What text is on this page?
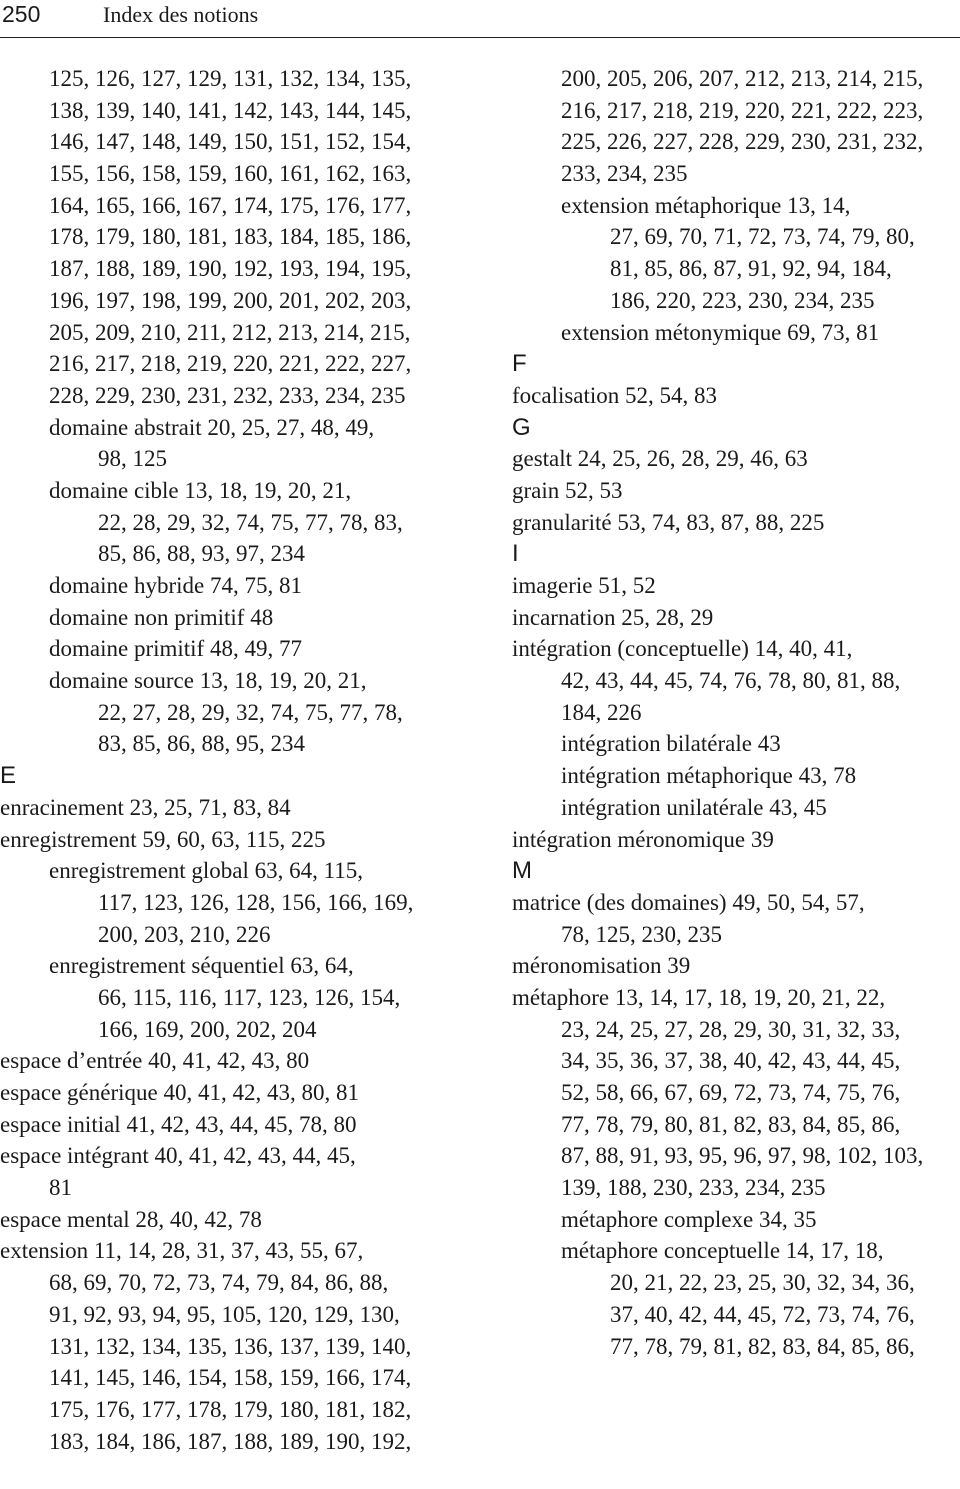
250	Index des notions
125, 126, 127, 129, 131, 132, 134, 135,
138, 139, 140, 141, 142, 143, 144, 145,
146, 147, 148, 149, 150, 151, 152, 154,
155, 156, 158, 159, 160, 161, 162, 163,
164, 165, 166, 167, 174, 175, 176, 177,
178, 179, 180, 181, 183, 184, 185, 186,
187, 188, 189, 190, 192, 193, 194, 195,
196, 197, 198, 199, 200, 201, 202, 203,
205, 209, 210, 211, 212, 213, 214, 215,
216, 217, 218, 219, 220, 221, 222, 227,
228, 229, 230, 231, 232, 233, 234, 235
domaine abstrait 20, 25, 27, 48, 49,
98, 125
domaine cible 13, 18, 19, 20, 21,
22, 28, 29, 32, 74, 75, 77, 78, 83,
85, 86, 88, 93, 97, 234
domaine hybride 74, 75, 81
domaine non primitif 48
domaine primitif 48, 49, 77
domaine source 13, 18, 19, 20, 21,
22, 27, 28, 29, 32, 74, 75, 77, 78,
83, 85, 86, 88, 95, 234
E
enracinement 23, 25, 71, 83, 84
enregistrement 59, 60, 63, 115, 225
enregistrement global 63, 64, 115,
117, 123, 126, 128, 156, 166, 169,
200, 203, 210, 226
enregistrement séquentiel 63, 64,
66, 115, 116, 117, 123, 126, 154,
166, 169, 200, 202, 204
espace d’entrée 40, 41, 42, 43, 80
espace générique 40, 41, 42, 43, 80, 81
espace initial 41, 42, 43, 44, 45, 78, 80
espace intégrant 40, 41, 42, 43, 44, 45,
81
espace mental 28, 40, 42, 78
extension 11, 14, 28, 31, 37, 43, 55, 67,
68, 69, 70, 72, 73, 74, 79, 84, 86, 88,
91, 92, 93, 94, 95, 105, 120, 129, 130,
131, 132, 134, 135, 136, 137, 139, 140,
141, 145, 146, 154, 158, 159, 166, 174,
175, 176, 177, 178, 179, 180, 181, 182,
183, 184, 186, 187, 188, 189, 190, 192,
200, 205, 206, 207, 212, 213, 214, 215,
216, 217, 218, 219, 220, 221, 222, 223,
225, 226, 227, 228, 229, 230, 231, 232,
233, 234, 235
extension métaphorique 13, 14,
27, 69, 70, 71, 72, 73, 74, 79, 80,
81, 85, 86, 87, 91, 92, 94, 184,
186, 220, 223, 230, 234, 235
extension métonymique 69, 73, 81
F
focalisation 52, 54, 83
G
gestalt 24, 25, 26, 28, 29, 46, 63
grain 52, 53
granularité 53, 74, 83, 87, 88, 225
I
imagerie 51, 52
incarnation 25, 28, 29
intégration (conceptuelle) 14, 40, 41,
42, 43, 44, 45, 74, 76, 78, 80, 81, 88,
184, 226
intégration bilatérale 43
intégration métaphorique 43, 78
intégration unilatérale 43, 45
intégration méronomique 39
M
matrice (des domaines) 49, 50, 54, 57,
78, 125, 230, 235
méronomisation 39
métaphore 13, 14, 17, 18, 19, 20, 21, 22,
23, 24, 25, 27, 28, 29, 30, 31, 32, 33,
34, 35, 36, 37, 38, 40, 42, 43, 44, 45,
52, 58, 66, 67, 69, 72, 73, 74, 75, 76,
77, 78, 79, 80, 81, 82, 83, 84, 85, 86,
87, 88, 91, 93, 95, 96, 97, 98, 102, 103,
139, 188, 230, 233, 234, 235
métaphore complexe 34, 35
métaphore conceptuelle 14, 17, 18,
20, 21, 22, 23, 25, 30, 32, 34, 36,
37, 40, 42, 44, 45, 72, 73, 74, 76,
77, 78, 79, 81, 82, 83, 84, 85, 86,
